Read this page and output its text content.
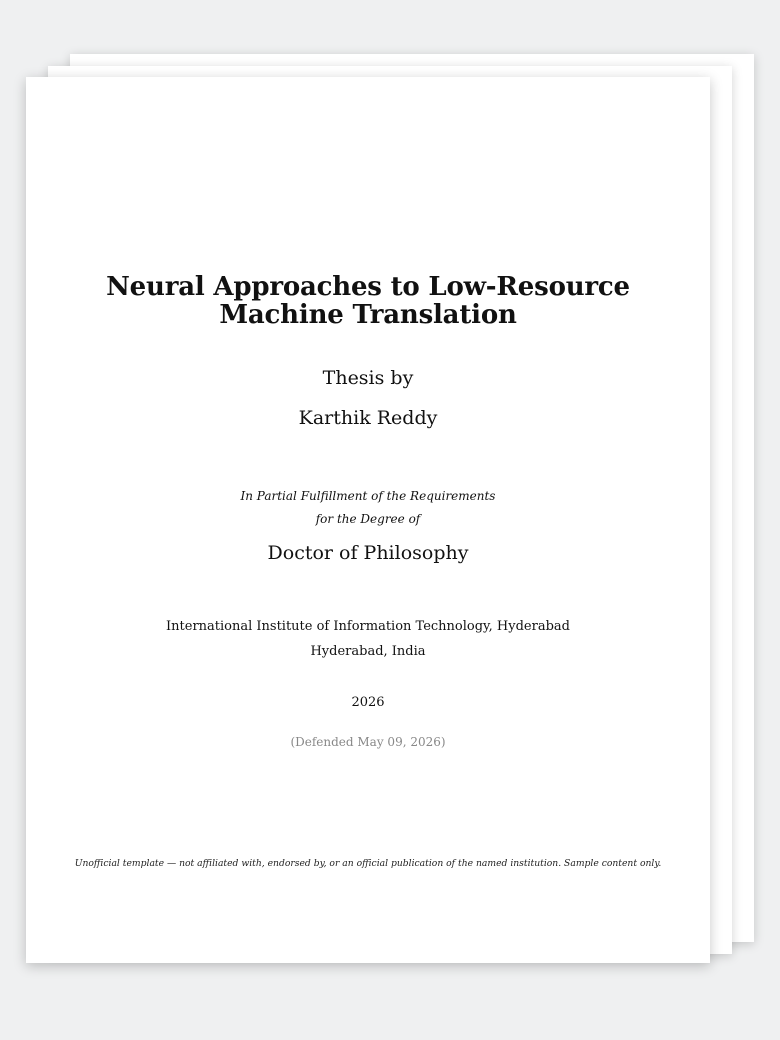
Neural Approaches to Low-Resource
Machine Translation
Thesis by
Karthik Reddy
In Partial Fulfillment of the Requirements
for the Degree of
Doctor of Philosophy
International Institute of Information Technology, Hyderabad
Hyderabad, India
2026
(Defended May 09, 2026)
Unofficial template — not affiliated with, endorsed by, or an official publication of the named institution. Sample content only.
